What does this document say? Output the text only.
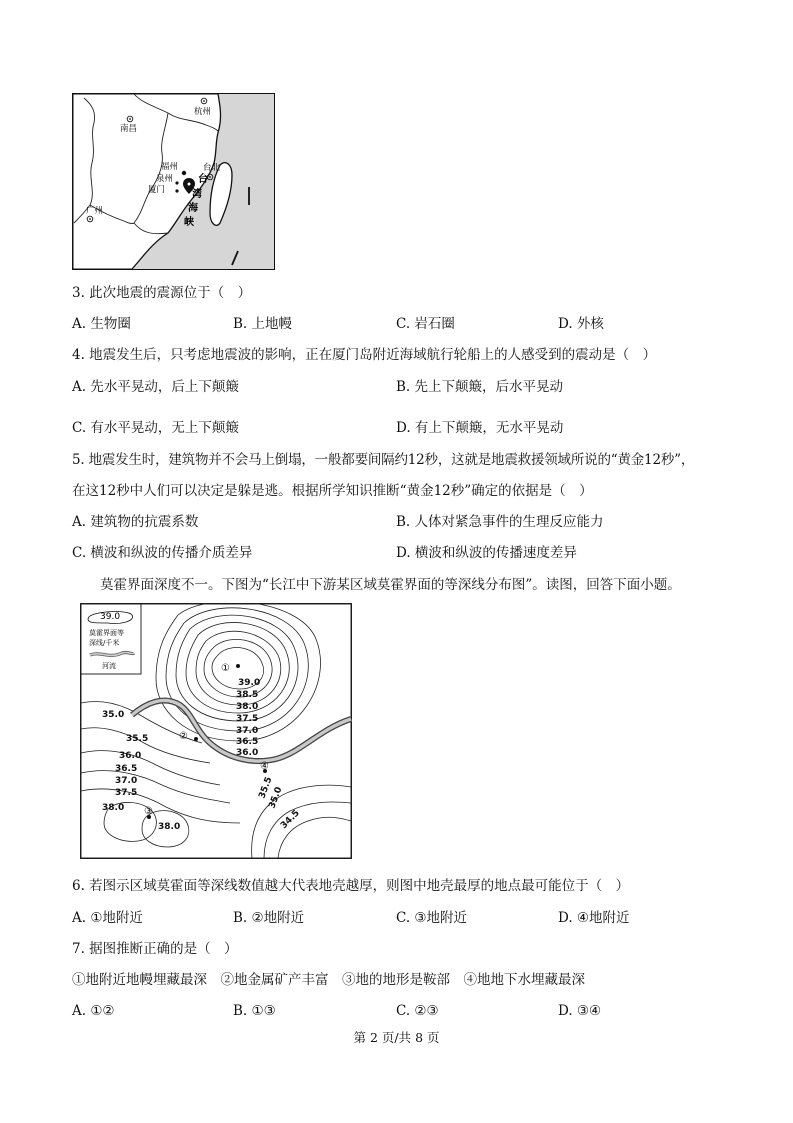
杭州
南昌
福州
泉州
厦门
广州
台北
台
湾
海
峡
3. 此次地震的震源位于（　）
A. 生物圈	B. 上地幔	C. 岩石圈	D. 外核
4. 地震发生后，只考虑地震波的影响，正在厦门岛附近海域航行轮船上的人感受到的震动是（　）
A. 先水平晃动，后上下颠簸	B. 先上下颠簸，后水平晃动
C. 有水平晃动，无上下颠簸	D. 有上下颠簸，无水平晃动
5. 地震发生时，建筑物并不会马上倒塌，一般都要间隔约12秒，这就是地震救援领域所说的“黄金12秒”，
在这12秒中人们可以决定是躲是逃。根据所学知识推断“黄金12秒”确定的依据是（　）
A. 建筑物的抗震系数	B. 人体对紧急事件的生理反应能力
C. 横波和纵波的传播介质差异	D. 横波和纵波的传播速度差异
莫霍界面深度不一。下图为“长江中下游某区域莫霍界面的等深线分布图”。读图，回答下面小题。
39.0
莫霍界面等
深线/千米
河流	①
②
③
④
39.0
38.5
38.0
37.5
37.0
36.5
36.0
35.0
35.5
36.0
36.5
37.0
37.5
38.0
38.0
35.5
35.0
34.5
6. 若图示区域莫霍面等深线数值越大代表地壳越厚，则图中地壳最厚的地点最可能位于（　）
A. ①地附近	B. ②地附近	C. ③地附近	D. ④地附近
7. 据图推断正确的是（　）
①地附近地幔埋藏最深　②地金属矿产丰富　③地的地形是鞍部　④地地下水埋藏最深
A. ①②	B. ①③	C. ②③	D. ③④
第 2 页/共 8 页
